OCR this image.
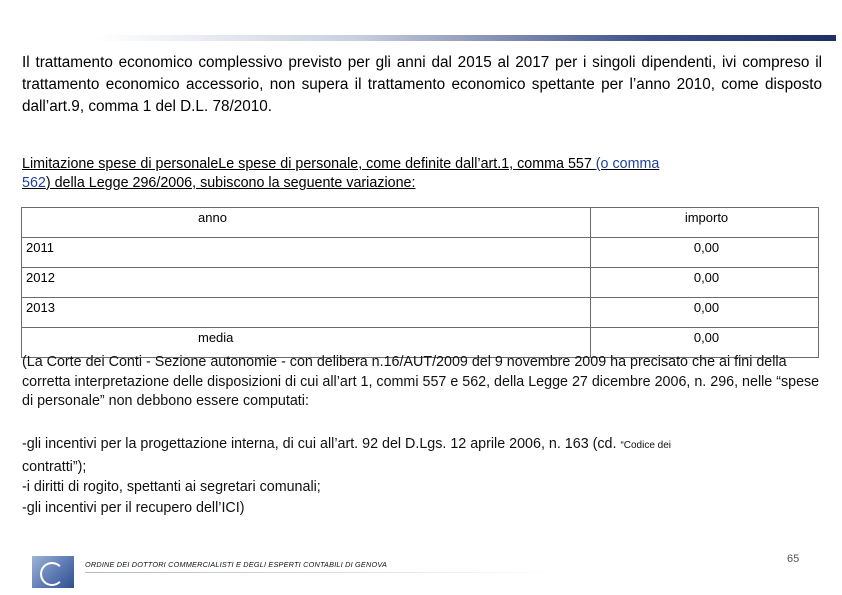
Il trattamento economico complessivo previsto per gli anni dal 2015 al 2017 per i singoli dipendenti, ivi compreso il trattamento economico accessorio, non supera il trattamento economico spettante per l’anno 2010, come disposto dall’art.9, comma 1 del D.L. 78/2010.

Limitazione spese di personaleLe spese di personale, come definite dall’art.1, comma 557 (o comma
562) della Legge 296/2006, subiscono la seguente variazione:

anno	importo
2011	0,00
2012	0,00
2013	0,00
media	0,00

(La Corte dei Conti - Sezione autonomie - con delibera n.16/AUT/2009 del 9 novembre 2009 ha precisato che ai fini della corretta interpretazione delle disposizioni di cui all’art 1, commi 557 e 562, della Legge 27 dicembre 2006, n. 296, nelle “spese di personale” non debbono essere computati:

-gli incentivi per la progettazione interna, di cui all’art. 92 del D.Lgs. 12 aprile 2006, n. 163 (cd. “Codice dei
contratti”);
-i diritti di rogito, spettanti ai segretari comunali;
-gli incentivi per il recupero dell’ICI)

ORDINE DEI DOTTORI COMMERCIALISTI E DEGLI ESPERTI CONTABILI DI GENOVA	65
